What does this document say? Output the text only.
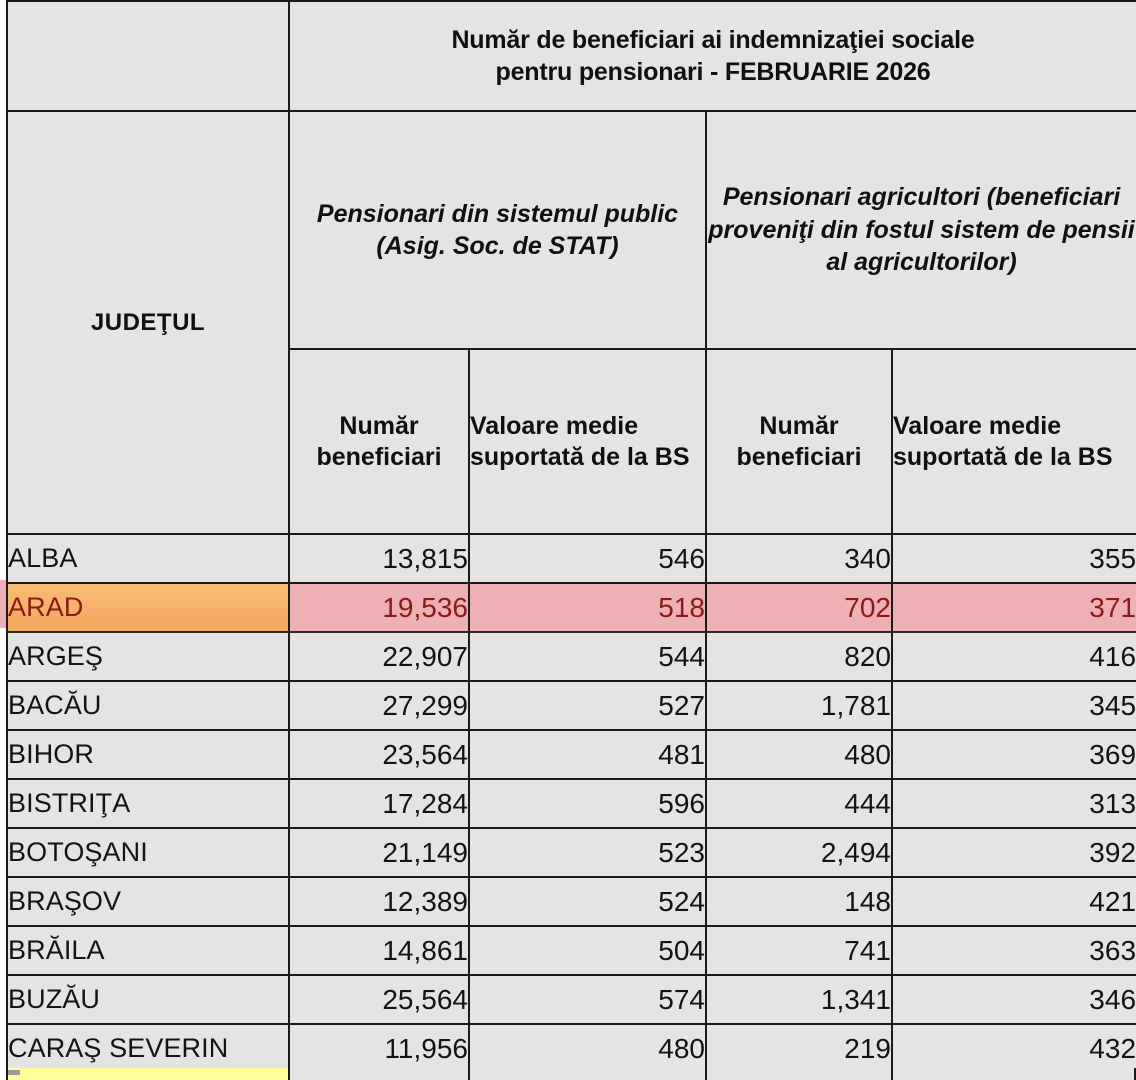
	Număr de beneficiari ai indemnizaţiei sociale
pentru pensionari - FEBRUARIE 2026			

JUDEŢUL	Pensionari din sistemul public (Asig. Soc. de STAT)		Pensionari agricultori (beneficiari proveniţi din fostul sistem de pensii al agricultorilor)	
	Număr beneficiari	Valoare medie suportată de la BS	Număr beneficiari	Valoare medie suportată de la BS
ALBA	13,815	546	340	355
ARAD	19,536	518	702	371
ARGEŞ	22,907	544	820	416
BACĂU	27,299	527	1,781	345
BIHOR	23,564	481	480	369
BISTRIŢA	17,284	596	444	313
BOTOŞANI	21,149	523	2,494	392
BRAŞOV	12,389	524	148	421
BRĂILA	14,861	504	741	363
BUZĂU	25,564	574	1,341	346
CARAŞ SEVERIN	11,956	480	219	432
